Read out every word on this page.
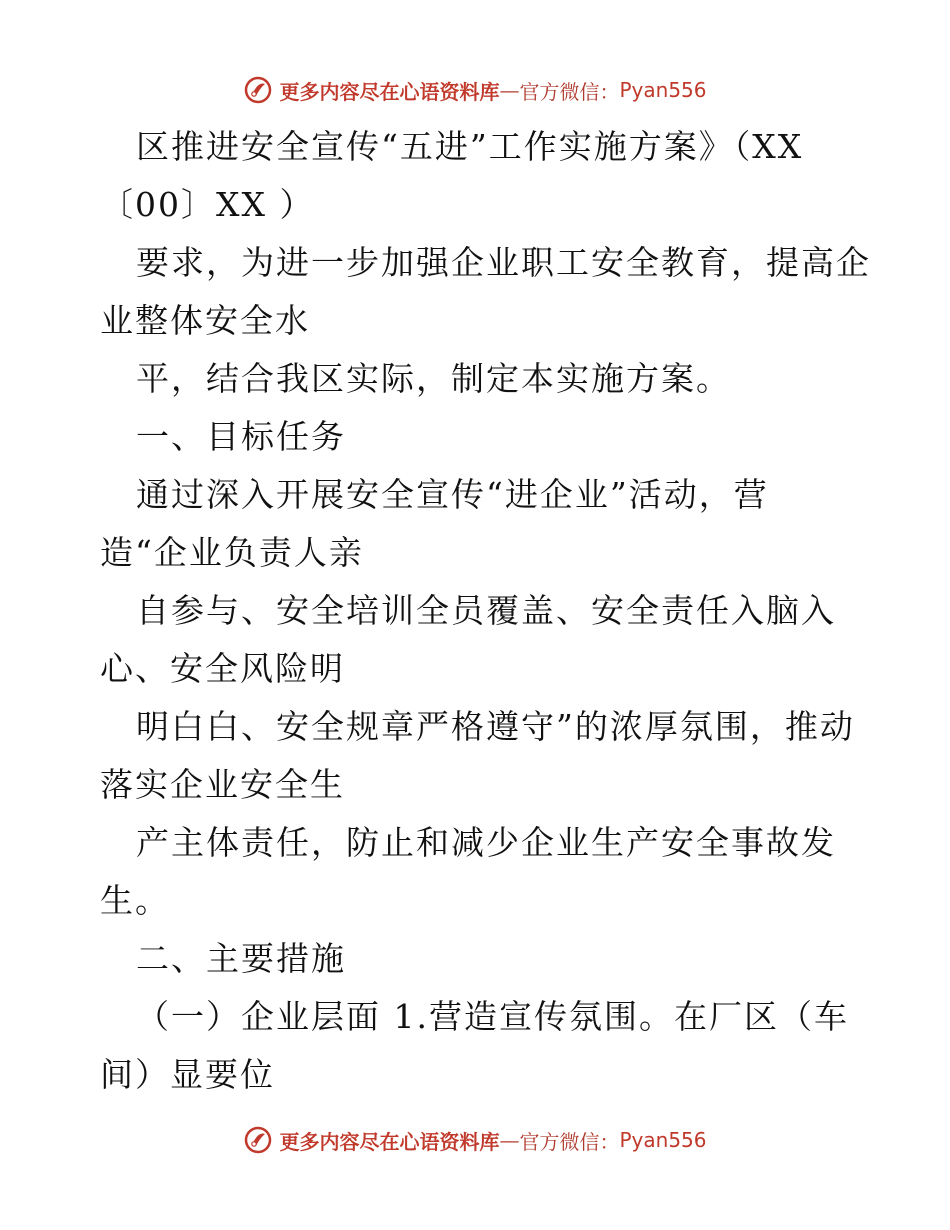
更多内容尽在心语资料库 — 官方微信： Pyan556
区推进安全宣传“五进”工作实施方案》（XX
〔00〕XX ）
要求，为进一步加强企业职工安全教育，提高企
业整体安全水
平，结合我区实际，制定本实施方案。
一、目标任务
通过深入开展安全宣传“进企业”活动，营
造“企业负责人亲
自参与、安全培训全员覆盖、安全责任入脑入
心、安全风险明
明白白、安全规章严格遵守”的浓厚氛围，推动
落实企业安全生
产主体责任，防止和减少企业生产安全事故发
生。
二、主要措施
（一）企业层面 1.营造宣传氛围。在厂区（车
间）显要位
更多内容尽在心语资料库 — 官方微信： Pyan556
